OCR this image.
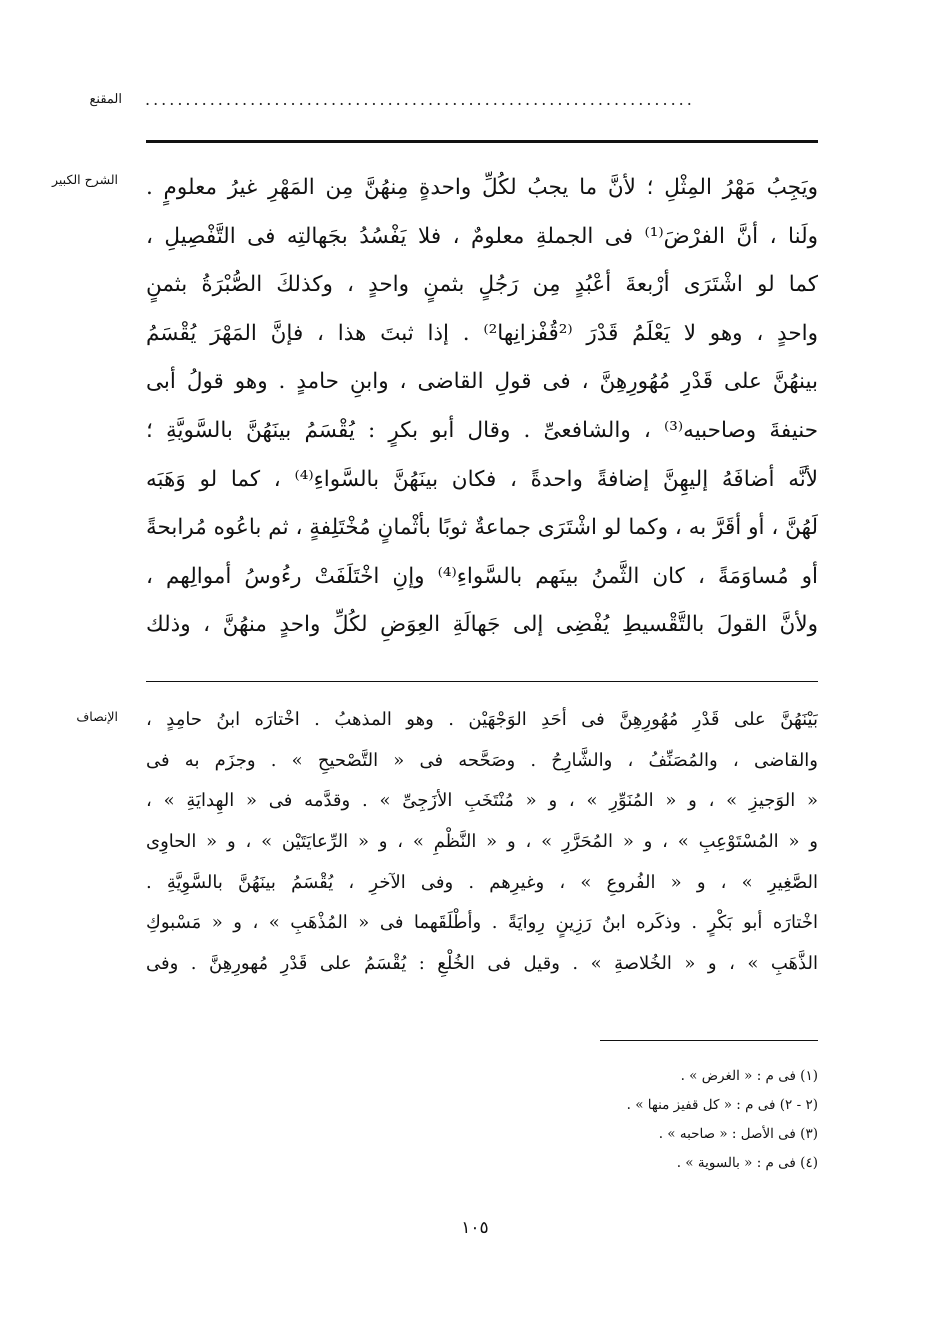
المقنع ....................................................................
الشرح الكبير ويَجِبُ مَهْرُ المِثْلِ ؛ لأنَّ ما يجبُ لكُلِّ واحدةٍ مِنهُنَّ مِن المَهْرِ غيرُ معلومٍ .
ولَنا ، أنَّ الفرْضَ⁽¹⁾ فى الجملةِ معلومٌ ، فلا يَفْسُدُ بجَهالتِه فى التَّفْصِيلِ ،
كما لو اشْتَرَى أرْبعةَ أعْبُدٍ مِن رَجُلٍ بثمنٍ واحدٍ ، وكذلكَ الصُّبْرَةُ بثمنٍ
واحدٍ ، وهو لا يَعْلَمُ قَدْرَ ⁽²قُفْزانِها²⁾ . إذا ثبتَ هذا ، فإنَّ المَهْرَ يُقْسَمُ
بينهُنَّ على قَدْرِ مُهُورِهِنَّ ، فى قولِ القاضى ، وابنِ حامدٍ . وهو قولُ أبى
حنيفةَ وصاحبيه⁽³⁾ ، والشافعىِّ . وقال أبو بكرٍ : يُقْسَمُ بينَهُنَّ بالسَّويَّةِ ؛
لأنَّه أضافَهُ إليهِنَّ إضافةً واحدةً ، فكان بينَهُنَّ بالسَّواءِ⁽⁴⁾ ، كما لو وَهَبَه
لَهُنَّ ، أو أقَرَّ به ، وكما لو اشْتَرَى جماعةٌ ثوبًا بأثْمانٍ مُخْتَلِفةٍ ، ثم باعُوه مُرابحةً
أو مُساوَمَةً ، كان الثَّمنُ بينَهم بالسَّواءِ⁽⁴⁾ وإنِ اخْتَلَفَتْ رءُوسُ أموالِهم ،
ولأنَّ القولَ بالتَّقْسيطِ يُفْضِى إلى جَهالَةِ العِوَضِ لكُلِّ واحدٍ منهُنَّ ، وذلك
الإنصاف بَيْنَهُنَّ على قَدْرِ مُهُورِهِنَّ فى أحَدِ الوَجْهَيْن . وهو المذهبُ . اخْتارَه ابنُ حامِدٍ ،
والقاضى ، والمُصَنِّفُ ، والشَّارِحُ . وصَحَّحه فى « التَّصْحيحِ » . وجزَم به فى
« الوَجيزِ » ، و « المُنَوِّرِ » ، و « مُنْتَخَبِ الأزَجِىِّ » . وقدَّمه فى « الهِدايَةِ » ،
و « المُسْتَوْعِبِ » ، و « المُحَرَّرِ » ، و « النَّظْمِ » ، و « الرِّعايَتَيْن » ، و « الحاوِى
الصَّغِيرِ » ، و « الفُروعِ » ، وغيرِهم . وفى الآخرِ ، يُقْسَمُ بينَهُنَّ بالسَّوِيَّةِ .
اخْتارَه أبو بَكْرٍ . وذكَره ابنُ رَزِينٍ رِوايَةً . وأطْلَقَهما فى « المُذْهَبِ » ، و « مَسْبوكِ
الذَّهَبِ » ، و « الخُلاصةِ » . وقيل فى الخُلْعِ : يُقْسَمُ على قَدْرِ مُهورِهِنَّ . وفى
(١) فى م : « الغرض » .
(٢ - ٢) فى م : « كل قفيز منها » .
(٣) فى الأصل : « صاحبه » .
(٤) فى م : « بالسوية » .
١٠٥
